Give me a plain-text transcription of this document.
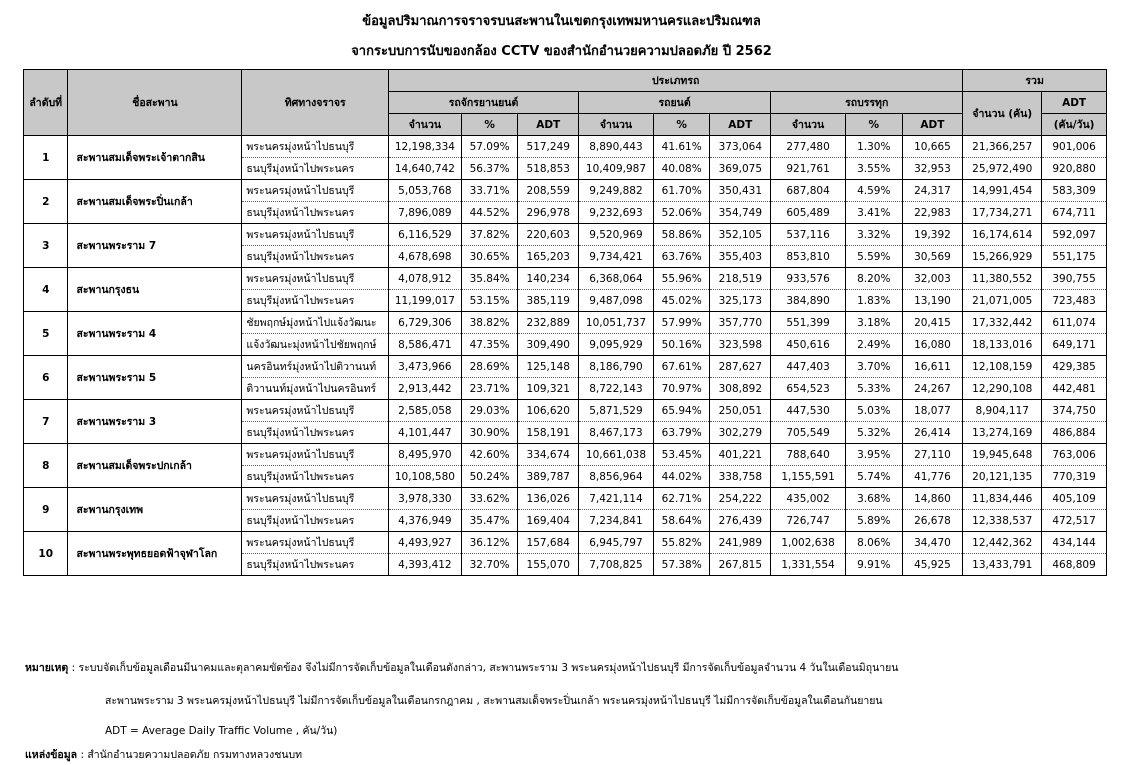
ข้อมูลปริมาณการจราจรบนสะพานในเขตกรุงเทพมหานครและปริมณฑล
จากระบบการนับของกล้อง CCTV ของสำนักอำนวยความปลอดภัย ปี 2562
ลำดับที่	ชื่อสะพาน	ทิศทางจราจร	ประเภทรถ									รวม	
			รถจักรยานยนต์			รถยนต์			รถบรรทุก			จำนวน (คัน)	ADT
			จำนวน	%	ADT	จำนวน	%	ADT	จำนวน	%	ADT		(คัน/วัน)
1	สะพานสมเด็จพระเจ้าตากสิน	พระนครมุ่งหน้าไปธนบุรี	12,198,334	57.09%	517,249	8,890,443	41.61%	373,064	277,480	1.30%	10,665	21,366,257	901,006
		ธนบุรีมุ่งหน้าไปพระนคร	14,640,742	56.37%	518,853	10,409,987	40.08%	369,075	921,761	3.55%	32,953	25,972,490	920,880
2	สะพานสมเด็จพระปิ่นเกล้า	พระนครมุ่งหน้าไปธนบุรี	5,053,768	33.71%	208,559	9,249,882	61.70%	350,431	687,804	4.59%	24,317	14,991,454	583,309
		ธนบุรีมุ่งหน้าไปพระนคร	7,896,089	44.52%	296,978	9,232,693	52.06%	354,749	605,489	3.41%	22,983	17,734,271	674,711
3	สะพานพระราม 7	พระนครมุ่งหน้าไปธนบุรี	6,116,529	37.82%	220,603	9,520,969	58.86%	352,105	537,116	3.32%	19,392	16,174,614	592,097
		ธนบุรีมุ่งหน้าไปพระนคร	4,678,698	30.65%	165,203	9,734,421	63.76%	355,403	853,810	5.59%	30,569	15,266,929	551,175
4	สะพานกรุงธน	พระนครมุ่งหน้าไปธนบุรี	4,078,912	35.84%	140,234	6,368,064	55.96%	218,519	933,576	8.20%	32,003	11,380,552	390,755
		ธนบุรีมุ่งหน้าไปพระนคร	11,199,017	53.15%	385,119	9,487,098	45.02%	325,173	384,890	1.83%	13,190	21,071,005	723,483
5	สะพานพระราม 4	ชัยพฤกษ์มุ่งหน้าไปแจ้งวัฒนะ	6,729,306	38.82%	232,889	10,051,737	57.99%	357,770	551,399	3.18%	20,415	17,332,442	611,074
		แจ้งวัฒนะมุ่งหน้าไปชัยพฤกษ์	8,586,471	47.35%	309,490	9,095,929	50.16%	323,598	450,616	2.49%	16,080	18,133,016	649,171
6	สะพานพระราม 5	นครอินทร์มุ่งหน้าไปติวานนท์	3,473,966	28.69%	125,148	8,186,790	67.61%	287,627	447,403	3.70%	16,611	12,108,159	429,385
		ติวานนท์มุ่งหน้าไปนครอินทร์	2,913,442	23.71%	109,321	8,722,143	70.97%	308,892	654,523	5.33%	24,267	12,290,108	442,481
7	สะพานพระราม 3	พระนครมุ่งหน้าไปธนบุรี	2,585,058	29.03%	106,620	5,871,529	65.94%	250,051	447,530	5.03%	18,077	8,904,117	374,750
		ธนบุรีมุ่งหน้าไปพระนคร	4,101,447	30.90%	158,191	8,467,173	63.79%	302,279	705,549	5.32%	26,414	13,274,169	486,884
8	สะพานสมเด็จพระปกเกล้า	พระนครมุ่งหน้าไปธนบุรี	8,495,970	42.60%	334,674	10,661,038	53.45%	401,221	788,640	3.95%	27,110	19,945,648	763,006
		ธนบุรีมุ่งหน้าไปพระนคร	10,108,580	50.24%	389,787	8,856,964	44.02%	338,758	1,155,591	5.74%	41,776	20,121,135	770,319
9	สะพานกรุงเทพ	พระนครมุ่งหน้าไปธนบุรี	3,978,330	33.62%	136,026	7,421,114	62.71%	254,222	435,002	3.68%	14,860	11,834,446	405,109
		ธนบุรีมุ่งหน้าไปพระนคร	4,376,949	35.47%	169,404	7,234,841	58.64%	276,439	726,747	5.89%	26,678	12,338,537	472,517
10	สะพานพระพุทธยอดฟ้าจุฬาโลก	พระนครมุ่งหน้าไปธนบุรี	4,493,927	36.12%	157,684	6,945,797	55.82%	241,989	1,002,638	8.06%	34,470	12,442,362	434,144
		ธนบุรีมุ่งหน้าไปพระนคร	4,393,412	32.70%	155,070	7,708,825	57.38%	267,815	1,331,554	9.91%	45,925	13,433,791	468,809
หมายเหตุ : ระบบจัดเก็บข้อมูลเดือนมีนาคมและตุลาคมขัดข้อง จึงไม่มีการจัดเก็บข้อมูลในเดือนดังกล่าว, สะพานพระราม 3 พระนครมุ่งหน้าไปธนบุรี มีการจัดเก็บข้อมูลจำนวน 4 วันในเดือนมิถุนายน
สะพานพระราม 3 พระนครมุ่งหน้าไปธนบุรี ไม่มีการจัดเก็บข้อมูลในเดือนกรกฎาคม , สะพานสมเด็จพระปิ่นเกล้า พระนครมุ่งหน้าไปธนบุรี ไม่มีการจัดเก็บข้อมูลในเดือนกันยายน
ADT = Average Daily Traffic Volume , คัน/วัน)
แหล่งข้อมูล : สำนักอำนวยความปลอดภัย กรมทางหลวงชนบท
